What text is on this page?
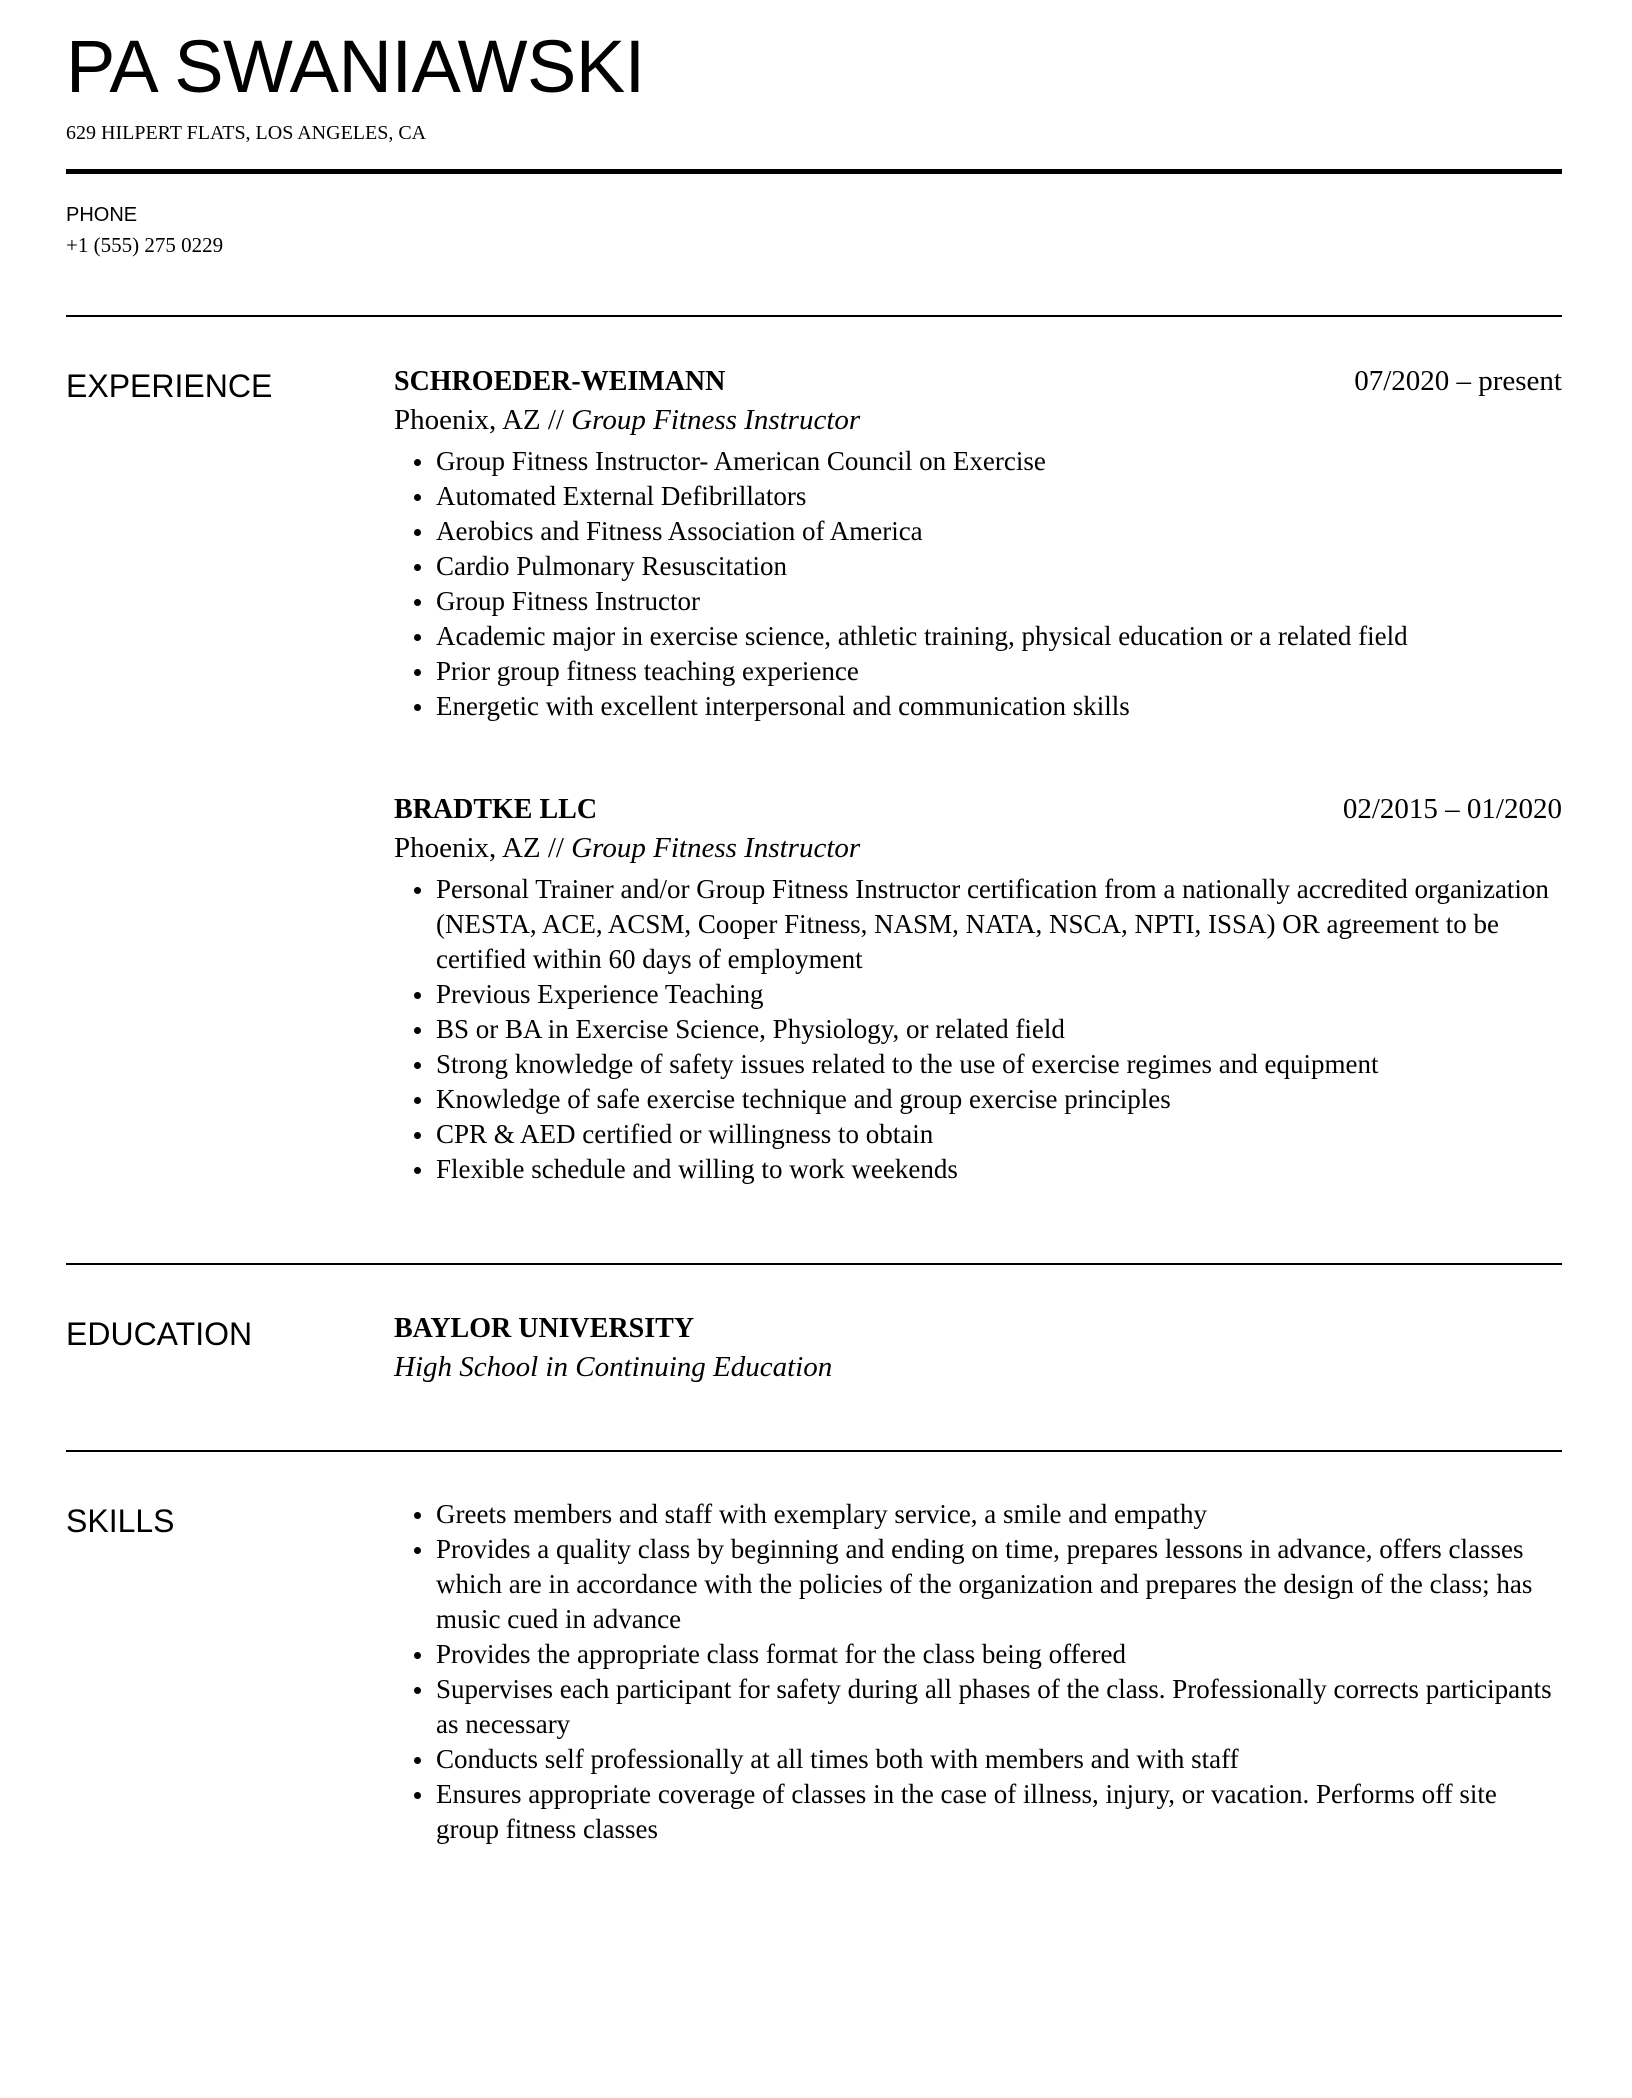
PA SWANIAWSKI
629 HILPERT FLATS, LOS ANGELES, CA
PHONE
+1 (555) 275 0229
EXPERIENCE	SCHROEDER-WEIMANN	07/2020 – present
Phoenix, AZ // Group Fitness Instructor
Group Fitness Instructor- American Council on Exercise
Automated External Defibrillators
Aerobics and Fitness Association of America
Cardio Pulmonary Resuscitation
Group Fitness Instructor
Academic major in exercise science, athletic training, physical education or a related field
Prior group fitness teaching experience
Energetic with excellent interpersonal and communication skills
BRADTKE LLC	02/2015 – 01/2020
Phoenix, AZ // Group Fitness Instructor
Personal Trainer and/or Group Fitness Instructor certification from a nationally accredited organization (NESTA, ACE, ACSM, Cooper Fitness, NASM, NATA, NSCA, NPTI, ISSA) OR agreement to be certified within 60 days of employment
Previous Experience Teaching
BS or BA in Exercise Science, Physiology, or related field
Strong knowledge of safety issues related to the use of exercise regimes and equipment
Knowledge of safe exercise technique and group exercise principles
CPR & AED certified or willingness to obtain
Flexible schedule and willing to work weekends
EDUCATION	BAYLOR UNIVERSITY
High School in Continuing Education
SKILLS	Greets members and staff with exemplary service, a smile and empathy
Provides a quality class by beginning and ending on time, prepares lessons in advance, offers classes which are in accordance with the policies of the organization and prepares the design of the class; has music cued in advance
Provides the appropriate class format for the class being offered
Supervises each participant for safety during all phases of the class. Professionally corrects participants as necessary
Conducts self professionally at all times both with members and with staff
Ensures appropriate coverage of classes in the case of illness, injury, or vacation. Performs off site group fitness classes
